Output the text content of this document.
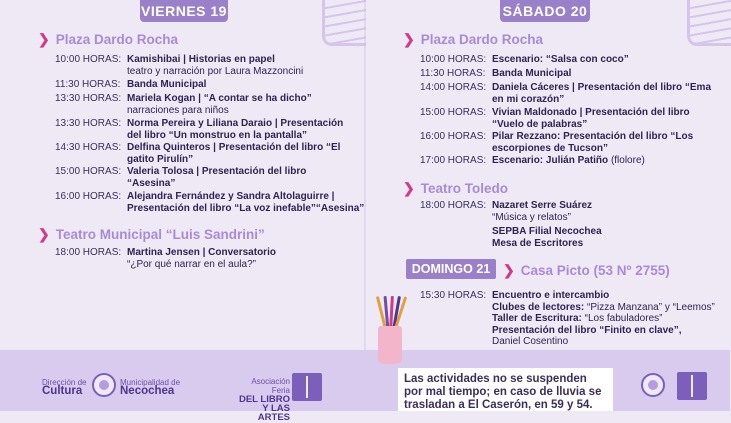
VIERNES 19
❯ Plaza Dardo Rocha
10:00 HORAS: Kamishibai | Historias en papel
teatro y narración por Laura Mazzoncini
11:30 HORAS: Banda Municipal
13:30 HORAS: Mariela Kogan | “A contar se ha dicho”
narraciones para niños
13:30 HORAS: Norma Pereira y Liliana Daraio | Presentación del libro “Un monstruo en la pantalla”
14:30 HORAS: Delfina Quinteros | Presentación del libro “El gatito Pirulín”
15:00 HORAS: Valeria Tolosa | Presentación del libro “Asesina”
16:00 HORAS: Alejandra Fernández y Sandra Altolaguirre | Presentación del libro “La voz inefable”“Asesina”
❯ Teatro Municipal “Luis Sandrini”
18:00 HORAS: Martina Jensen | Conversatorio
“¿Por qué narrar en el aula?”
SÁBADO 20
❯ Plaza Dardo Rocha
10:00 HORAS: Escenario: “Salsa con coco”
11:30 HORAS: Banda Municipal
14:00 HORAS: Daniela Cáceres | Presentación del libro “Ema en mi corazón”
15:00 HORAS: Vivian Maldonado | Presentación del libro “Vuelo de palabras”
16:00 HORAS: Pilar Rezzano: Presentación del libro “Los escorpiones de Tucson”
17:00 HORAS: Escenario: Julián Patiño (flolore)
❯ Teatro Toledo
18:00 HORAS: Nazaret Serre Suárez
“Música y relatos”
SEPBA Filial Necochea
Mesa de Escritores
DOMINGO 21 ❯ Casa Picto (53 Nº 2755)
15:30 HORAS: Encuentro e intercambio
Clubes de lectores: “Pizza Manzana” y “Leemos”
Taller de Escritura: “Los fabuladores”
Presentación del libro “Finito en clave”,
Daniel Cosentino
Dirección de
Cultura
Municipalidad de
Necochea
Asociación Feria
DEL LIBRO
Y LAS ARTES
Las actividades no se suspenden por mal tiempo; en caso de lluvia se trasladan a El Caserón, en 59 y 54.
